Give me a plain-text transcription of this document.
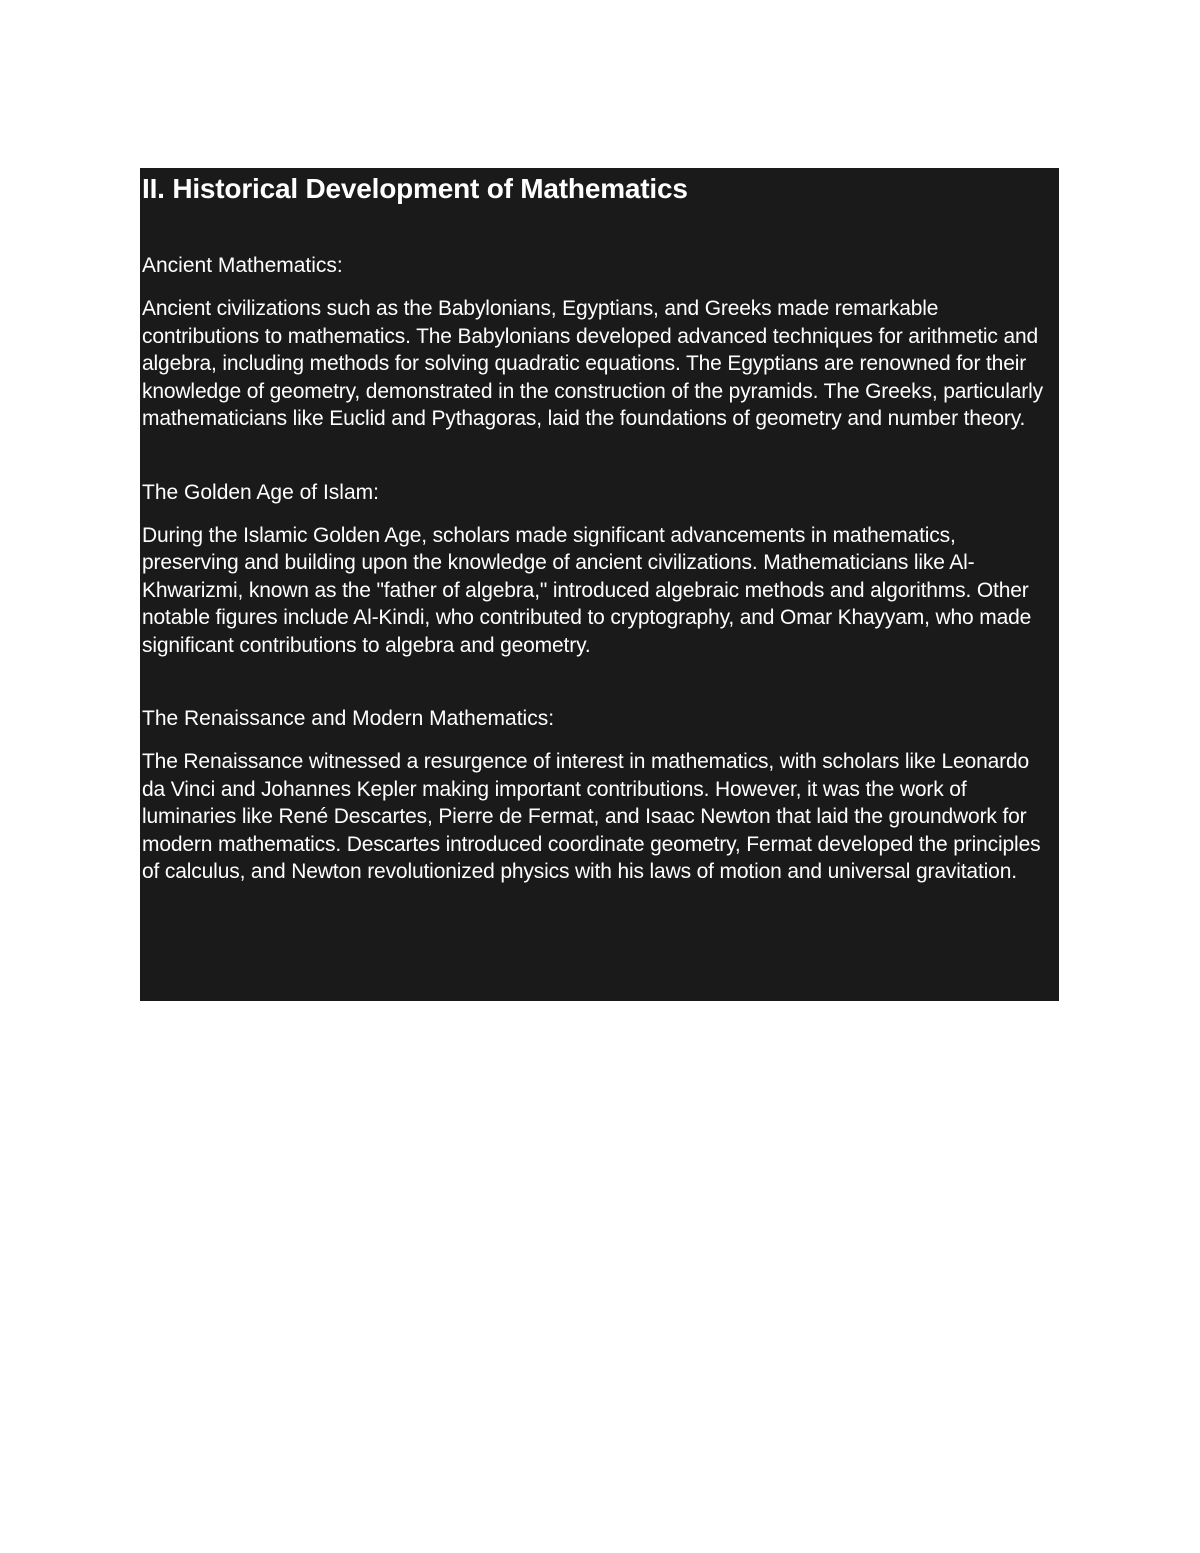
II. Historical Development of Mathematics

Ancient Mathematics:

Ancient civilizations such as the Babylonians, Egyptians, and Greeks made remarkable contributions to mathematics. The Babylonians developed advanced techniques for arithmetic and algebra, including methods for solving quadratic equations. The Egyptians are renowned for their knowledge of geometry, demonstrated in the construction of the pyramids. The Greeks, particularly mathematicians like Euclid and Pythagoras, laid the foundations of geometry and number theory.

The Golden Age of Islam:

During the Islamic Golden Age, scholars made significant advancements in mathematics, preserving and building upon the knowledge of ancient civilizations. Mathematicians like Al-Khwarizmi, known as the "father of algebra," introduced algebraic methods and algorithms. Other notable figures include Al-Kindi, who contributed to cryptography, and Omar Khayyam, who made significant contributions to algebra and geometry.

The Renaissance and Modern Mathematics:

The Renaissance witnessed a resurgence of interest in mathematics, with scholars like Leonardo da Vinci and Johannes Kepler making important contributions. However, it was the work of luminaries like René Descartes, Pierre de Fermat, and Isaac Newton that laid the groundwork for modern mathematics. Descartes introduced coordinate geometry, Fermat developed the principles of calculus, and Newton revolutionized physics with his laws of motion and universal gravitation.
